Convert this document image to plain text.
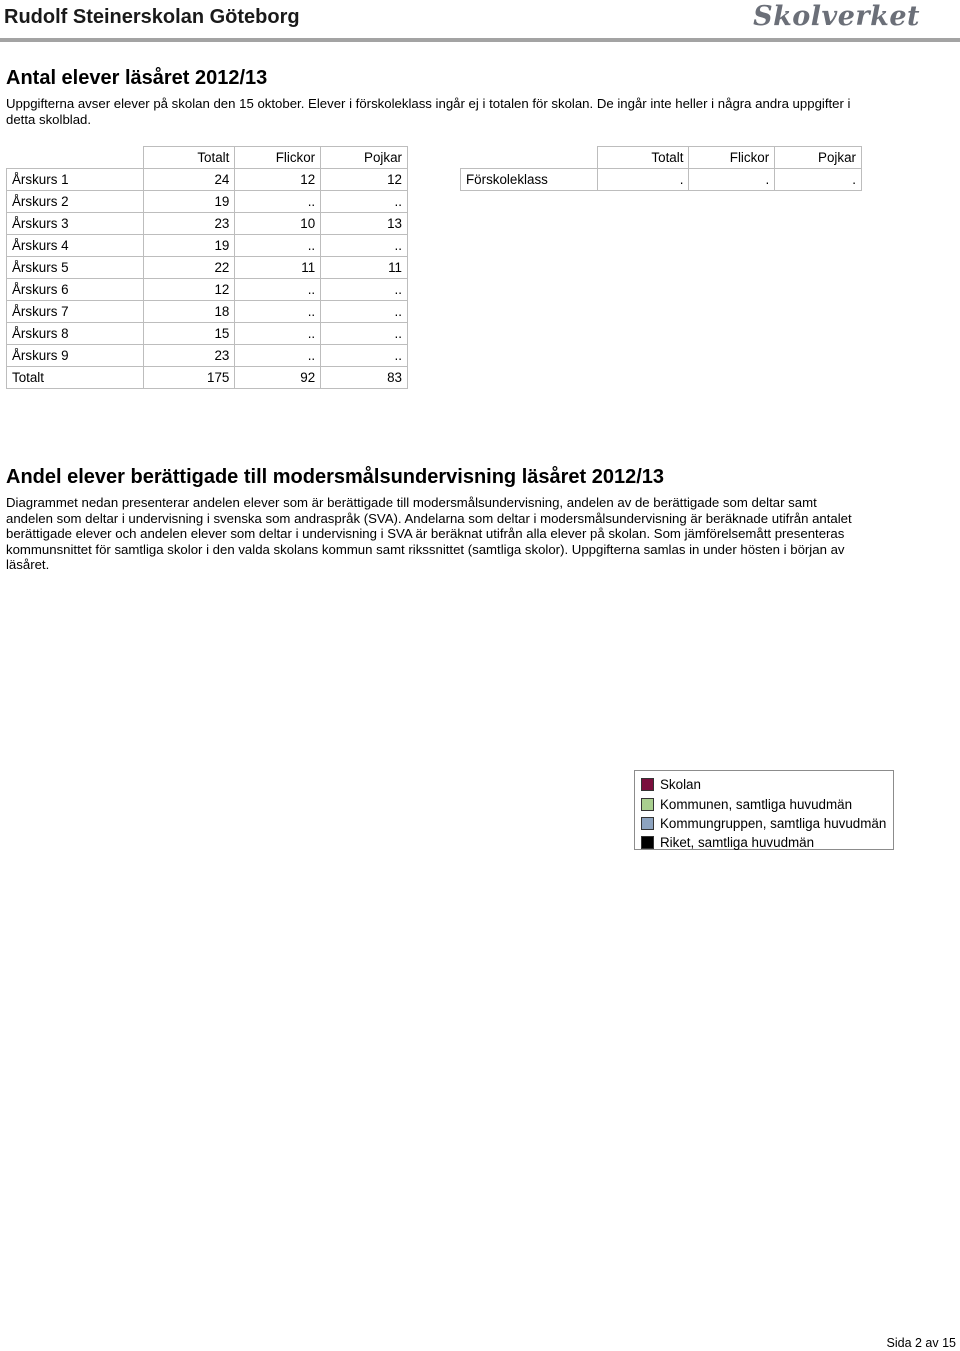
Rudolf Steinerskolan Göteborg	Skolverket
Antal elever läsåret 2012/13

Uppgifterna avser elever på skolan den 15 oktober. Elever i förskoleklass ingår ej i totalen för skolan. De ingår inte heller i några andra uppgifter i detta skolblad.

	Totalt	Flickor	Pojkar
Årskurs 1	24	12	12
Årskurs 2	19	..	..
Årskurs 3	23	10	13
Årskurs 4	19	..	..
Årskurs 5	22	11	11
Årskurs 6	12	..	..
Årskurs 7	18	..	..
Årskurs 8	15	..	..
Årskurs 9	23	..	..
Totalt	175	92	83
	Totalt	Flickor	Pojkar
Förskoleklass	.	.	.
Andel elever berättigade till modersmålsundervisning läsåret 2012/13

Diagrammet nedan presenterar andelen elever som är berättigade till modersmålsundervisning, andelen av de berättigade som deltar samt andelen som deltar i undervisning i svenska som andraspråk (SVA). Andelarna som deltar i modersmålsundervisning är beräknade utifrån antalet berättigade elever och andelen elever som deltar i undervisning i SVA är beräknat utifrån alla elever på skolan. Som jämförelsemått presenteras kommunsnittet för samtliga skolor i den valda skolans kommun samt rikssnittet (samtliga skolor). Uppgifterna samlas in under hösten i början av läsåret.

Skolan
Kommunen, samtliga huvudmän
Kommungruppen, samtliga huvudmän
Riket, samtliga huvudmän
Sida 2 av 15
